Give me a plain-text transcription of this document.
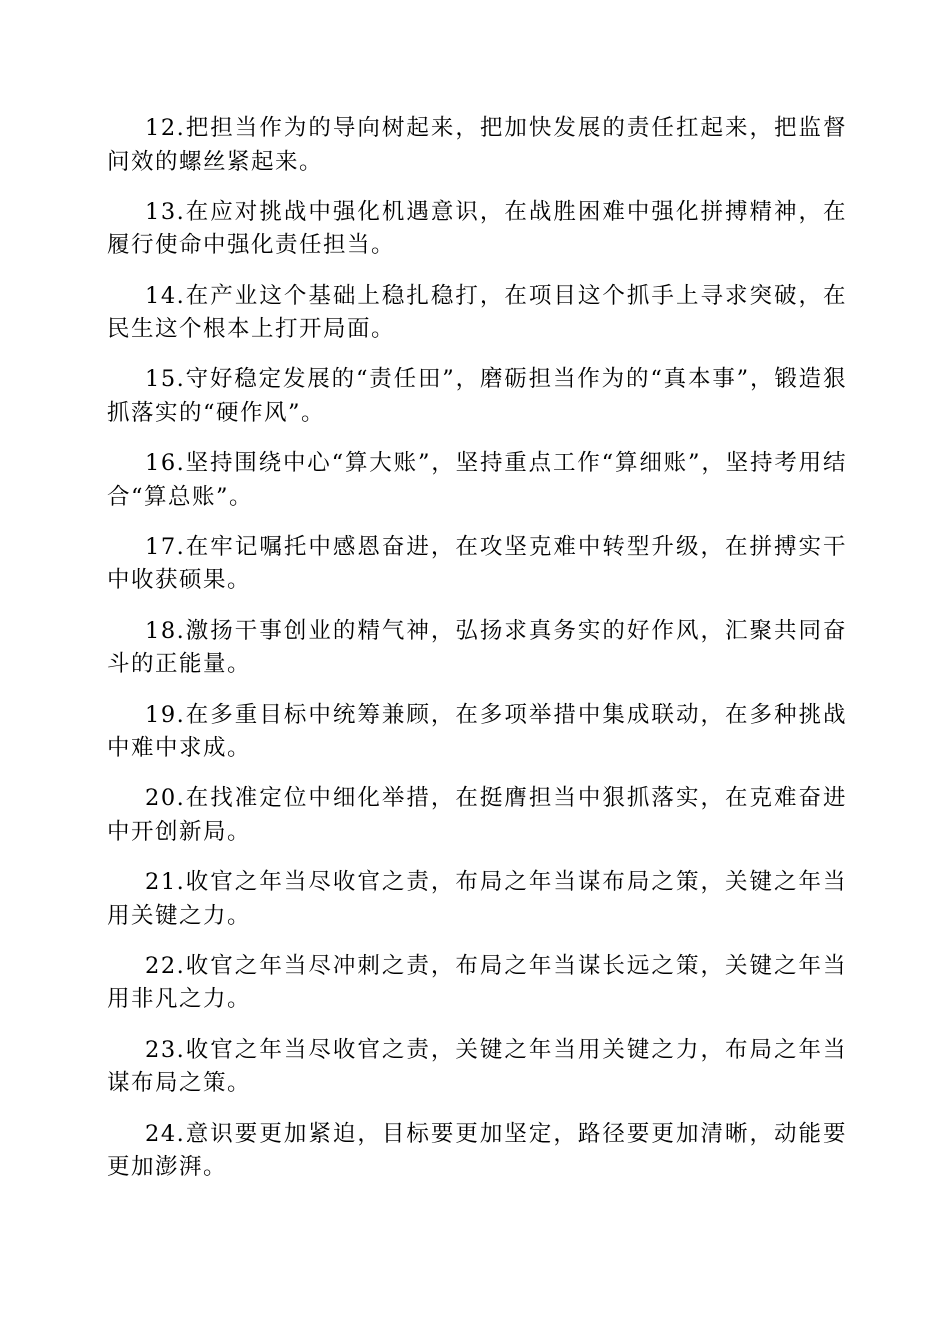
12.把担当作为的导向树起来，把加快发展的责任扛起来，把监督问效的螺丝紧起来。

13.在应对挑战中强化机遇意识，在战胜困难中强化拼搏精神，在履行使命中强化责任担当。

14.在产业这个基础上稳扎稳打，在项目这个抓手上寻求突破，在民生这个根本上打开局面。

15.守好稳定发展的“责任田”，磨砺担当作为的“真本事”，锻造狠抓落实的“硬作风”。

16.坚持围绕中心“算大账”，坚持重点工作“算细账”，坚持考用结合“算总账”。

17.在牢记嘱托中感恩奋进，在攻坚克难中转型升级，在拼搏实干中收获硕果。

18.激扬干事创业的精气神，弘扬求真务实的好作风，汇聚共同奋斗的正能量。

19.在多重目标中统筹兼顾，在多项举措中集成联动，在多种挑战中难中求成。

20.在找准定位中细化举措，在挺膺担当中狠抓落实，在克难奋进中开创新局。

21.收官之年当尽收官之责，布局之年当谋布局之策，关键之年当用关键之力。

22.收官之年当尽冲刺之责，布局之年当谋长远之策，关键之年当用非凡之力。

23.收官之年当尽收官之责，关键之年当用关键之力，布局之年当谋布局之策。

24.意识要更加紧迫，目标要更加坚定，路径要更加清晰，动能要更加澎湃。
